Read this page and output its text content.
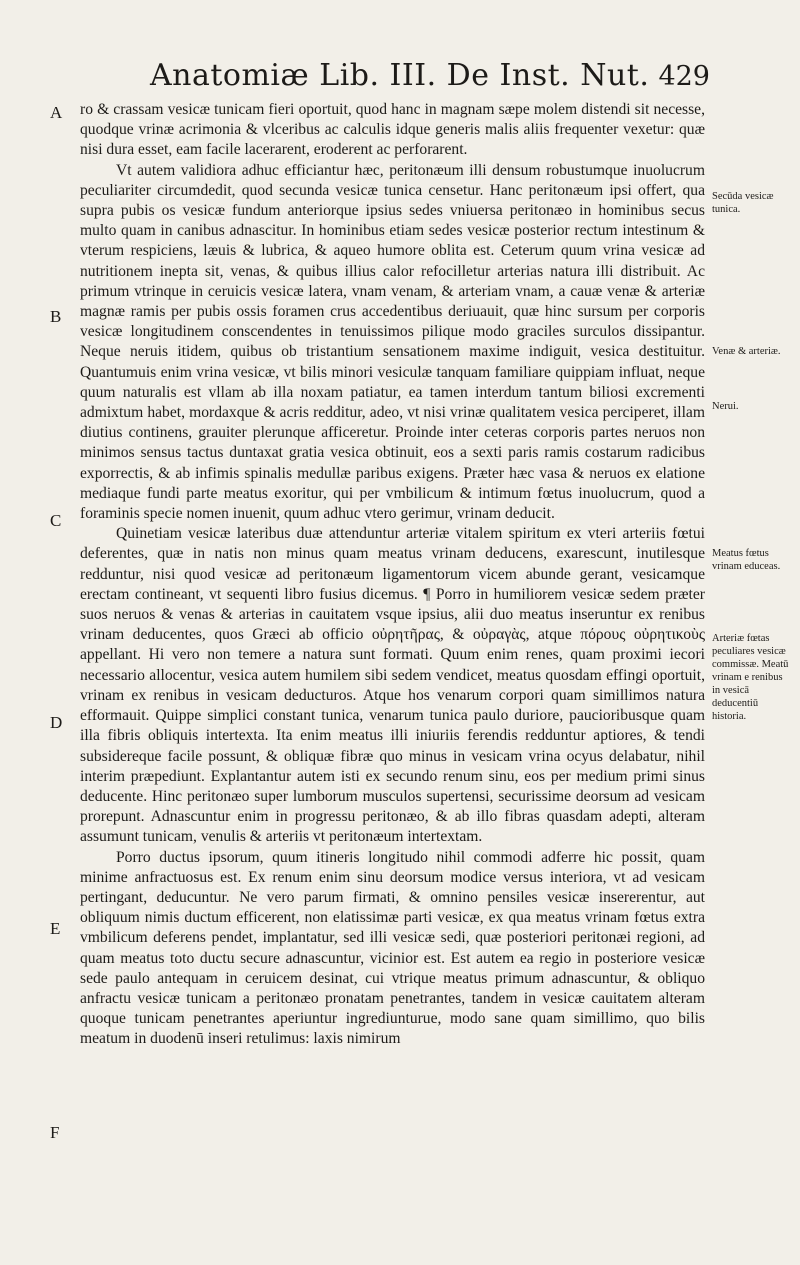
Anatomiæ Lib. III. De Inst. Nut. 429
A
B
C
D
E
F

ro & crassam vesicæ tunicam fieri oportuit, quod hanc in magnam sæpe molem distendi sit necesse, quodque vrinæ acrimonia & vlceribus ac calculis idque generis malis aliis frequenter vexetur: quæ nisi dura esset, eam facile lacerarent, eroderent ac perforarent.

Vt autem validiora adhuc efficiantur hæc, peritonæum illi densum robustumque inuolucrum peculiariter circumdedit, quod secunda vesicæ tunica censetur. Hanc peritonæum ipsi offert, qua supra pubis os vesicæ fundum anteriorque ipsius sedes vniuersa peritonæo in hominibus secus multo quam in canibus adnascitur. In hominibus etiam sedes vesicæ posterior rectum intestinum & vterum respiciens, læuis & lubrica, & aqueo humore oblita est. Ceterum quum vrina vesicæ ad nutritionem inepta sit, venas, & quibus illius calor refocilletur arterias natura illi distribuit. Ac primum vtrinque in ceruicis vesicæ latera, vnam venam, & arteriam vnam, a cauæ venæ & arteriæ magnæ ramis per pubis ossis foramen crus accedentibus deriuauit, quæ hinc sursum per corporis vesicæ longitudinem conscendentes in tenuissimos pilique modo graciles surculos dissipantur. Neque neruis itidem, quibus ob tristantium sensationem maxime indiguit, vesica destituitur. Quantumuis enim vrina vesicæ, vt bilis minori vesiculæ tanquam familiare quippiam influat, neque quum naturalis est vllam ab illa noxam patiatur, ea tamen interdum tantum biliosi excrementi admixtum habet, mordaxque & acris redditur, adeo, vt nisi vrinæ qualitatem vesica perciperet, illam diutius continens, grauiter plerunque afficeretur. Proinde inter ceteras corporis partes neruos non minimos sensus tactus duntaxat gratia vesica obtinuit, eos a sexti paris ramis costarum radicibus exporrectis, & ab infimis spinalis medullæ paribus exigens. Præter hæc vasa & neruos ex elatione mediaque fundi parte meatus exoritur, qui per vmbilicum & intimum fœtus inuolucrum, quod a foraminis specie nomen inuenit, quum adhuc vtero gerimur, vrinam deducit.

Quinetiam vesicæ lateribus duæ attenduntur arteriæ vitalem spiritum ex vteri arteriis fœtui deferentes, quæ in natis non minus quam meatus vrinam deducens, exarescunt, inutilesque redduntur, nisi quod vesicæ ad peritonæum ligamentorum vicem abunde gerant, vesicamque erectam contineant, vt sequenti libro fusius dicemus. ¶ Porro in humiliorem vesicæ sedem præter suos neruos & venas & arterias in cauitatem vsque ipsius, alii duo meatus inseruntur ex renibus vrinam deducentes, quos Græci ab officio οὐρητῆρας, & οὐραγὰς, atque πόρους οὐρητικοὺς appellant. Hi vero non temere a natura sunt formati. Quum enim renes, quam proximi iecori necessario allocentur, vesica autem humilem sibi sedem vendicet, meatus quosdam effingi oportuit, vrinam ex renibus in vesicam deducturos. Atque hos venarum corpori quam simillimos natura efformauit. Quippe simplici constant tunica, venarum tunica paulo duriore, paucioribusque quam illa fibris obliquis intertexta. Ita enim meatus illi iniuriis ferendis redduntur aptiores, & tendi subsidereque facile possunt, & obliquæ fibræ quo minus in vesicam vrina ocyus delabatur, nihil interim præpediunt. Explantantur autem isti ex secundo renum sinu, eos per medium primi sinus deducente. Hinc peritonæo super lumborum musculos supertensi, securissime deorsum ad vesicam prorepunt. Adnascuntur enim in progressu peritonæo, & ab illo fibras quasdam adepti, alteram assumunt tunicam, venulis & arteriis vt peritonæum intertextam.

Porro ductus ipsorum, quum itineris longitudo nihil commodi adferre hic possit, quam minime anfractuosus est. Ex renum enim sinu deorsum modice versus interiora, vt ad vesicam pertingant, deducuntur. Ne vero parum firmati, & omnino pensiles vesicæ insererentur, aut obliquum nimis ductum efficerent, non elatissimæ parti vesicæ, ex qua meatus vrinam fœtus extra vmbilicum deferens pendet, implantatur, sed illi vesicæ sedi, quæ posteriori peritonæi regioni, ad quam meatus toto ductu secure adnascuntur, vicinior est. Est autem ea regio in posteriore vesicæ sede paulo antequam in ceruicem desinat, cui vtrique meatus primum adnascuntur, & obliquo anfractu vesicæ tunicam a peritonæo pronatam penetrantes, tandem in vesicæ cauitatem alteram quoque tunicam penetrantes aperiuntur ingrediunturue, modo sane quam simillimo, quo bilis meatum in duodenū inseri retulimus: laxis nimirum

Secūda vesicæ tunica.
Venæ & arteriæ.
Nerui.
Meatus fœtus vrinam educeas.
Arteriæ fœtas peculiares vesicæ commissæ. Meatū vrinam e renibus in vesicā deducentiū historia.
